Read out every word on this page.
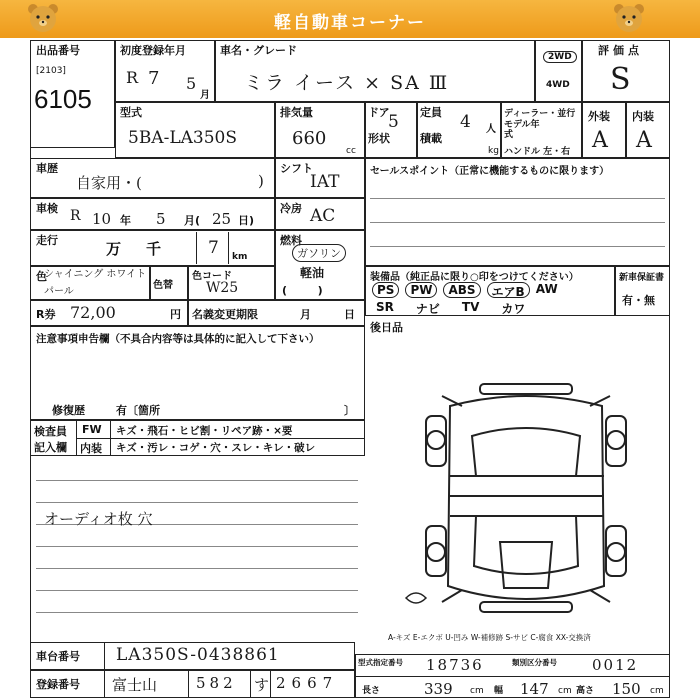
軽自動車コーナー
出品番号
[2103]
6105
初度登録年月
R 7 5
月
車名・グレード
ミラ イース × SA Ⅲ
2WD
4WD
評価点
S
型式
5BA-LA350S
排気量
660
cc
ドア
5
形状
定員 4 人
積載
kg
ディーラー・並行
モデル年式
ハンドル 左・右
外装 内装
A A
車歴
自家用・(	)
シフト
IAT
セールスポイント（正常に機能するものに限ります）
車検 R 10 年 5 月( 25 日)
冷房 AC
走行	万 千	7 km
燃料
ガソリン
軽油
(        )
色
シャイニング ホワイトパール
色替
色コード
W25
装備品（純正品に限り○印をつけてください）
PS	PW	ABS	エアB AW
SR ナビ TV カワ
新車保証書
有・無
R券 72,00	円 名義変更期限	月	日
後日品
注意事項申告欄（不具合内容等は具体的に記入して下さい）
修復歴	有〔箇所	〕
検査員
記入欄
FW
内装
キズ・飛石・ヒビ割・リペア跡・×要
キズ・汚レ・コゲ・穴・スレ・キレ・破レ
オーディオ枚 穴
A-キズ E-エクボ U-凹み W-補修跡 S-サビ C-腐食 XX-交換済
車台番号 LA350S-0438861
登録番号 富士山	582 す 2667
型式指定番号 18736	類別区分番号 0012
長さ	339 cm 幅 147 cm 高さ 150 cm
